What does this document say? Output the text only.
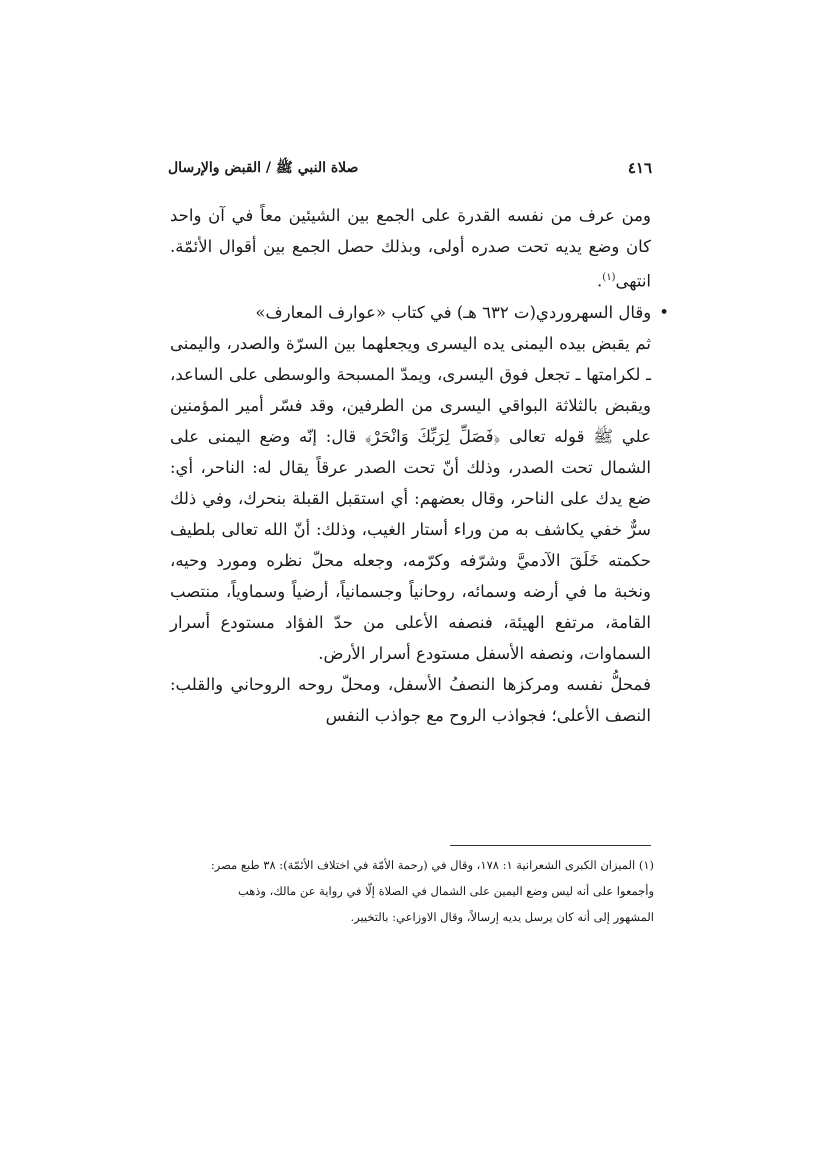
٤١٦
صلاة النبي ﷺ / القبض والإرسال

ومن عرف من نفسه القدرة على الجمع بين الشيئين معاً في آن واحد كان وضع يديه تحت صدره أولى، وبذلك حصل الجمع بين أقوال الأئمّة. انتهى$^{(١)}$.

•وقال السهروردي(ت ٦٣٢ هـ) في كتاب «عوارف المعارف»

ثم يقبض بيده اليمنى يده اليسرى ويجعلهما بين السرّة والصدر، واليمنى ـ لكرامتها ـ تجعل فوق اليسرى، ويمدّ المسبحة والوسطى على الساعد، ويقبض بالثلاثة البواقي اليسرى من الطرفين، وقد فسّر أمير المؤمنين علي ﷺ قوله تعالى ﴿فَصَلِّ لِرَبِّكَ وَانْحَرْ﴾ قال: إنّه وضع اليمنى على الشمال تحت الصدر، وذلك أنّ تحت الصدر عرقاً يقال له: الناحر، أي: ضع يدك على الناحر، وقال بعضهم: أي استقبل القبلة بنحرك، وفي ذلك سرٌّ خفي يكاشف به من وراء أستار الغيب، وذلك: أنّ الله تعالى بلطيف حكمته خَلَقَ الآدميَّ وشرّفه وكرّمه، وجعله محلّ نظره ومورد وحيه، ونخبة ما في أرضه وسمائه، روحانياً وجسمانياً، أرضياً وسماوياً، منتصب القامة، مرتفع الهيئة، فنصفه الأعلى من حدّ الفؤاد مستودع أسرار السماوات، ونصفه الأسفل مستودع أسرار الأرض.

فمحلُّ نفسه ومركزها النصفُ الأسفل، ومحلّ روحه الروحاني والقلب: النصف الأعلى؛ فجواذب الروح مع جواذب النفس

(١) الميزان الكبرى الشعرانية ١: ١٧٨، وقال في (رحمة الأمّة في اختلاف الأئمّة): ٣٨ طبع مصر:

وأجمعوا على أنه ليس وضع اليمين على الشمال في الصلاة إلّا في رواية عن مالك، وذهب

المشهور إلى أنه كان يرسل يديه إرسالاً، وقال الاوزاعي: بالتخيير.
